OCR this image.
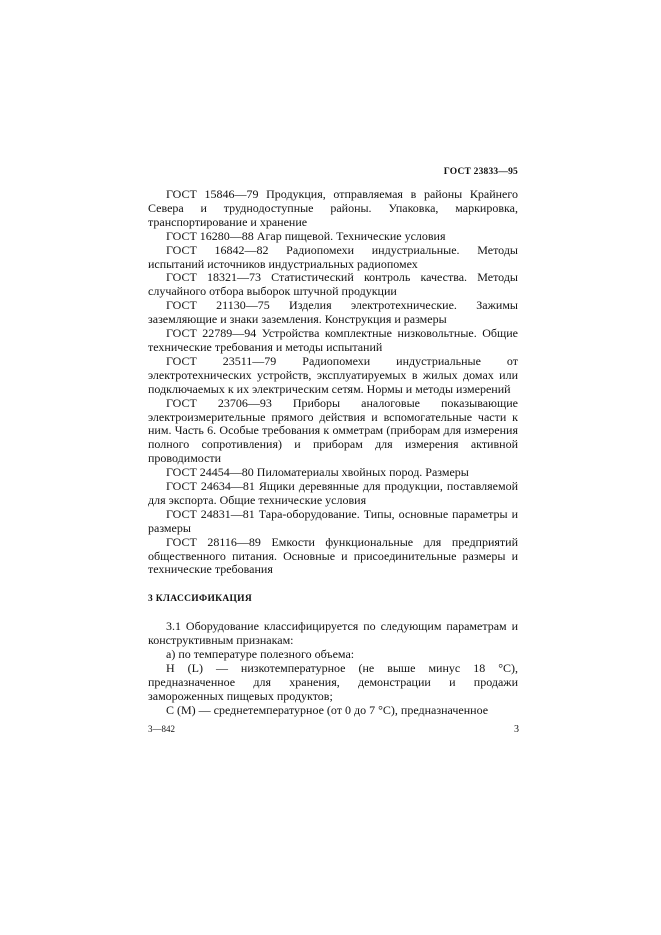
ГОСТ 23833—95

ГОСТ 15846—79 Продукция, отправляемая в районы Крайнего Севера и труднодоступные районы. Упаковка, маркировка, транспортирование и хранение

ГОСТ 16280—88 Агар пищевой. Технические условия

ГОСТ 16842—82 Радиопомехи индустриальные. Методы испытаний источников индустриальных радиопомех

ГОСТ 18321—73 Статистический контроль качества. Методы случайного отбора выборок штучной продукции

ГОСТ 21130—75 Изделия электротехнические. Зажимы заземляющие и знаки заземления. Конструкция и размеры

ГОСТ 22789—94 Устройства комплектные низковольтные. Общие технические требования и методы испытаний

ГОСТ 23511—79 Радиопомехи индустриальные от электротехнических устройств, эксплуатируемых в жилых домах или подключаемых к их электрическим сетям. Нормы и методы измерений

ГОСТ 23706—93 Приборы аналоговые показывающие электроизмерительные прямого действия и вспомогательные части к ним. Часть 6. Особые требования к омметрам (приборам для измерения полного сопротивления) и приборам для измерения активной проводимости

ГОСТ 24454—80 Пиломатериалы хвойных пород. Размеры

ГОСТ 24634—81 Ящики деревянные для продукции, поставляемой для экспорта. Общие технические условия

ГОСТ 24831—81 Тара-оборудование. Типы, основные параметры и размеры

ГОСТ 28116—89 Емкости функциональные для предприятий общественного питания. Основные и присоединительные размеры и технические требования

3 КЛАССИФИКАЦИЯ

3.1 Оборудование классифицируется по следующим параметрам и конструктивным признакам:

а) по температуре полезного объема:

Н (L) — низкотемпературное (не выше минус 18 °С), предназначенное для хранения, демонстрации и продажи замороженных пищевых продуктов;

С (М) — среднетемпературное (от 0 до 7 °С), предназначенное

3—842	3
